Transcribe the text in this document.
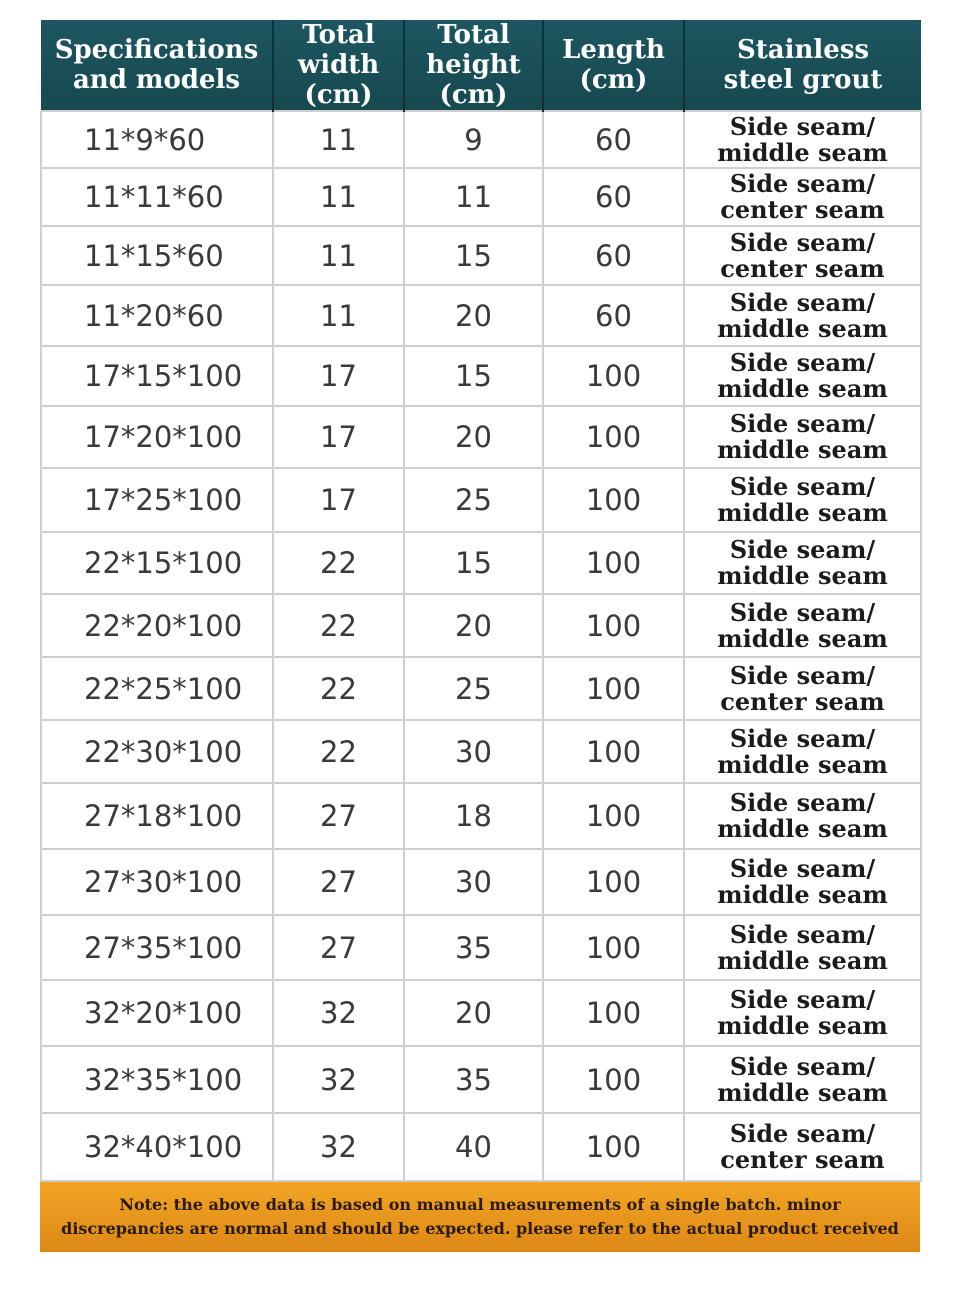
Specifications
and models	Total
width
(cm)	Total
height
(cm)	Length
(cm)	Stainless
steel grout
11*9*60	11	9	60	Side seam/
middle seam
11*11*60	11	11	60	Side seam/
center seam
11*15*60	11	15	60	Side seam/
center seam
11*20*60	11	20	60	Side seam/
middle seam
17*15*100	17	15	100	Side seam/
middle seam
17*20*100	17	20	100	Side seam/
middle seam
17*25*100	17	25	100	Side seam/
middle seam
22*15*100	22	15	100	Side seam/
middle seam
22*20*100	22	20	100	Side seam/
middle seam
22*25*100	22	25	100	Side seam/
center seam
22*30*100	22	30	100	Side seam/
middle seam
27*18*100	27	18	100	Side seam/
middle seam
27*30*100	27	30	100	Side seam/
middle seam
27*35*100	27	35	100	Side seam/
middle seam
32*20*100	32	20	100	Side seam/
middle seam
32*35*100	32	35	100	Side seam/
middle seam
32*40*100	32	40	100	Side seam/
center seam
Note: the above data is based on manual measurements of a single batch. minor discrepancies are normal and should be expected. please refer to the actual product received
